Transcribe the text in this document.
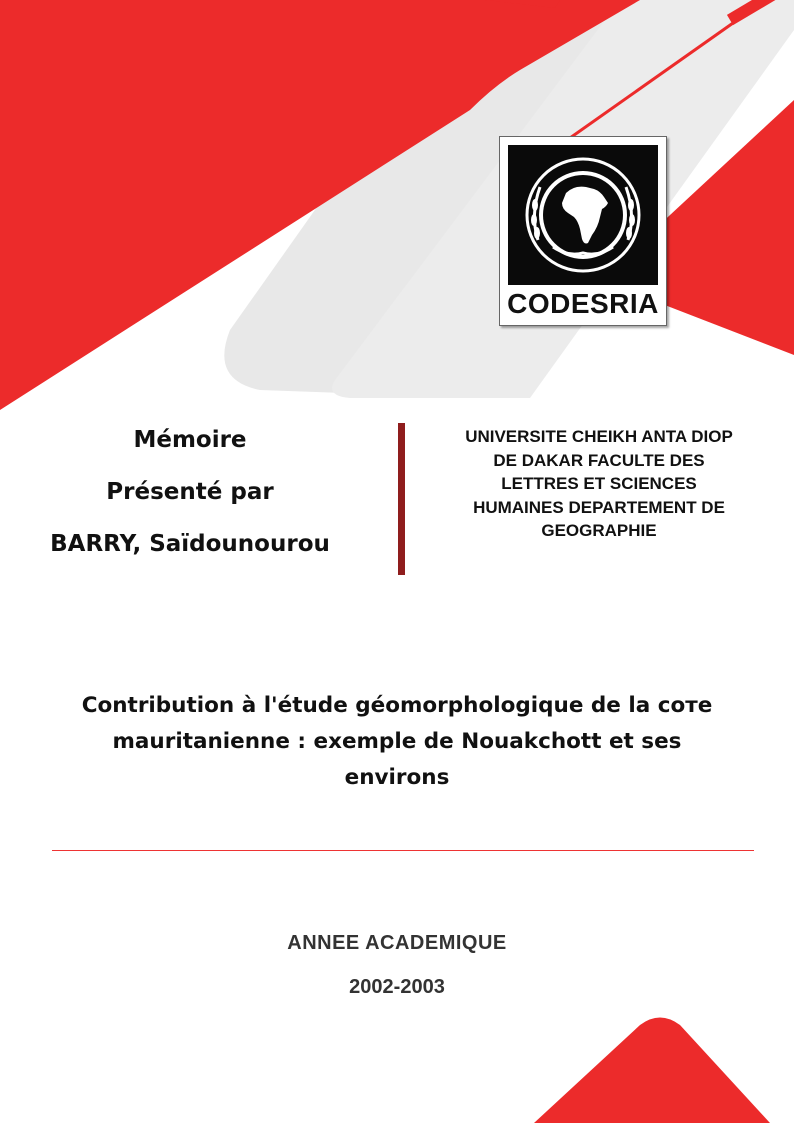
CODESRIA
Mémoire
Présenté par
BARRY, Saïdounourou
UNIVERSITE CHEIKH ANTA DIOP
DE DAKAR FACULTE DES
LETTRES ET SCIENCES
HUMAINES DEPARTEMENT DE
GEOGRAPHIE
Contribution à l'étude géomorphologique de la coте
mauritanienne : exemple de Nouakchott et ses
environs
ANNEE ACADEMIQUE
2002-2003
